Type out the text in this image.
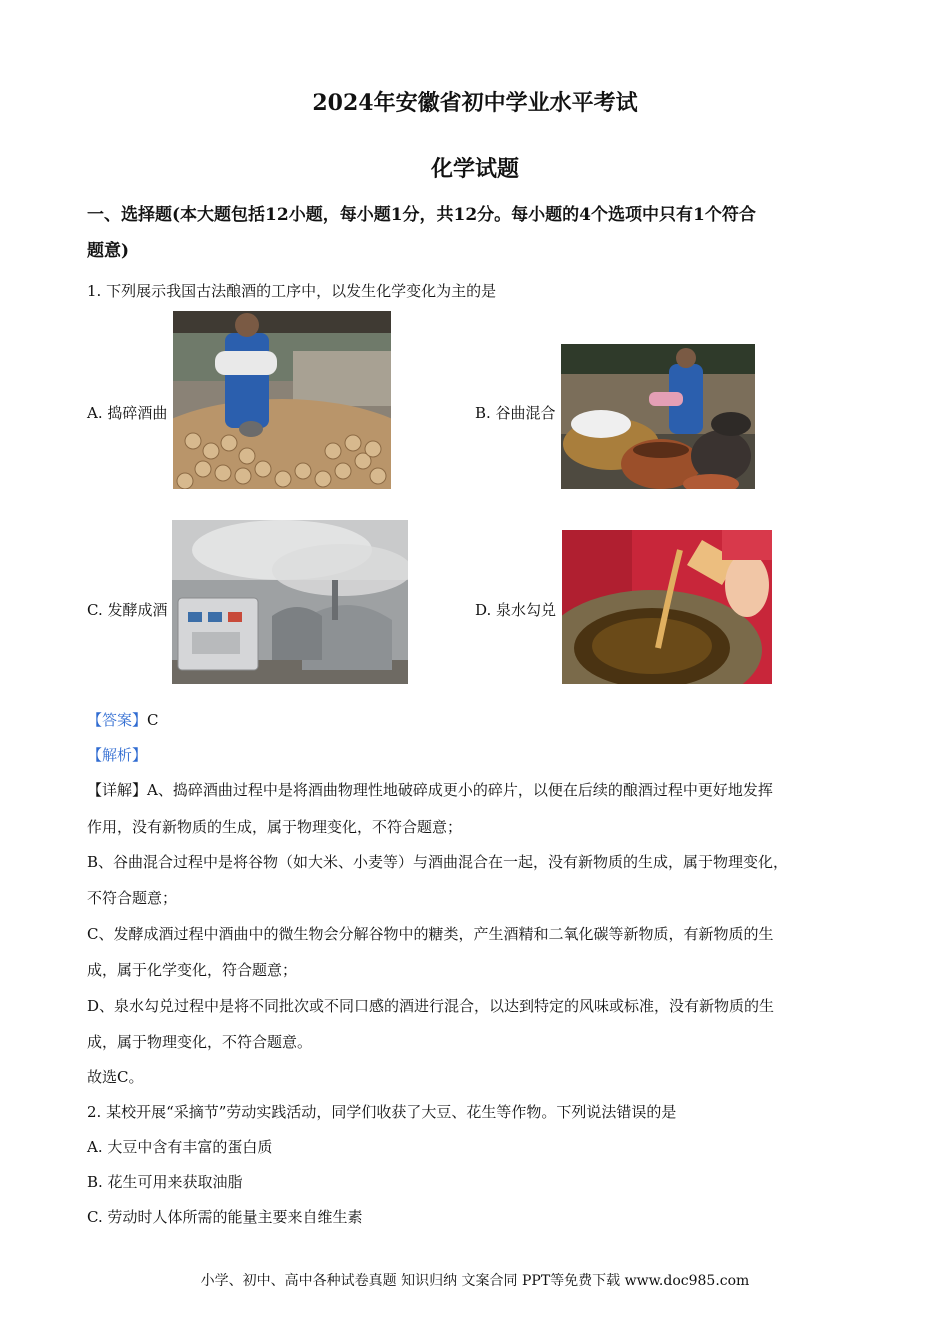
2024年安徽省初中学业水平考试
化学试题
一、选择题(本大题包括12小题，每小题1分，共12分。每小题的4个选项中只有1个符合
题意)
1. 下列展示我国古法酿酒的工序中，以发生化学变化为主的是
A. 捣碎酒曲	B. 谷曲混合
C. 发酵成酒	D. 泉水勾兑
【答案】C
【解析】
【详解】A、捣碎酒曲过程中是将酒曲物理性地破碎成更小的碎片，以便在后续的酿酒过程中更好地发挥
作用，没有新物质的生成，属于物理变化，不符合题意；
B、谷曲混合过程中是将谷物（如大米、小麦等）与酒曲混合在一起，没有新物质的生成，属于物理变化，
不符合题意；
C、发酵成酒过程中酒曲中的微生物会分解谷物中的糖类，产生酒精和二氧化碳等新物质，有新物质的生
成，属于化学变化，符合题意；
D、泉水勾兑过程中是将不同批次或不同口感的酒进行混合，以达到特定的风味或标准，没有新物质的生
成，属于物理变化，不符合题意。
故选C。
2. 某校开展“采摘节”劳动实践活动，同学们收获了大豆、花生等作物。下列说法错误的是
A. 大豆中含有丰富的蛋白质
B. 花生可用来获取油脂
C. 劳动时人体所需的能量主要来自维生素
小学、初中、高中各种试卷真题 知识归纳 文案合同 PPT等免费下载 www.doc985.com
